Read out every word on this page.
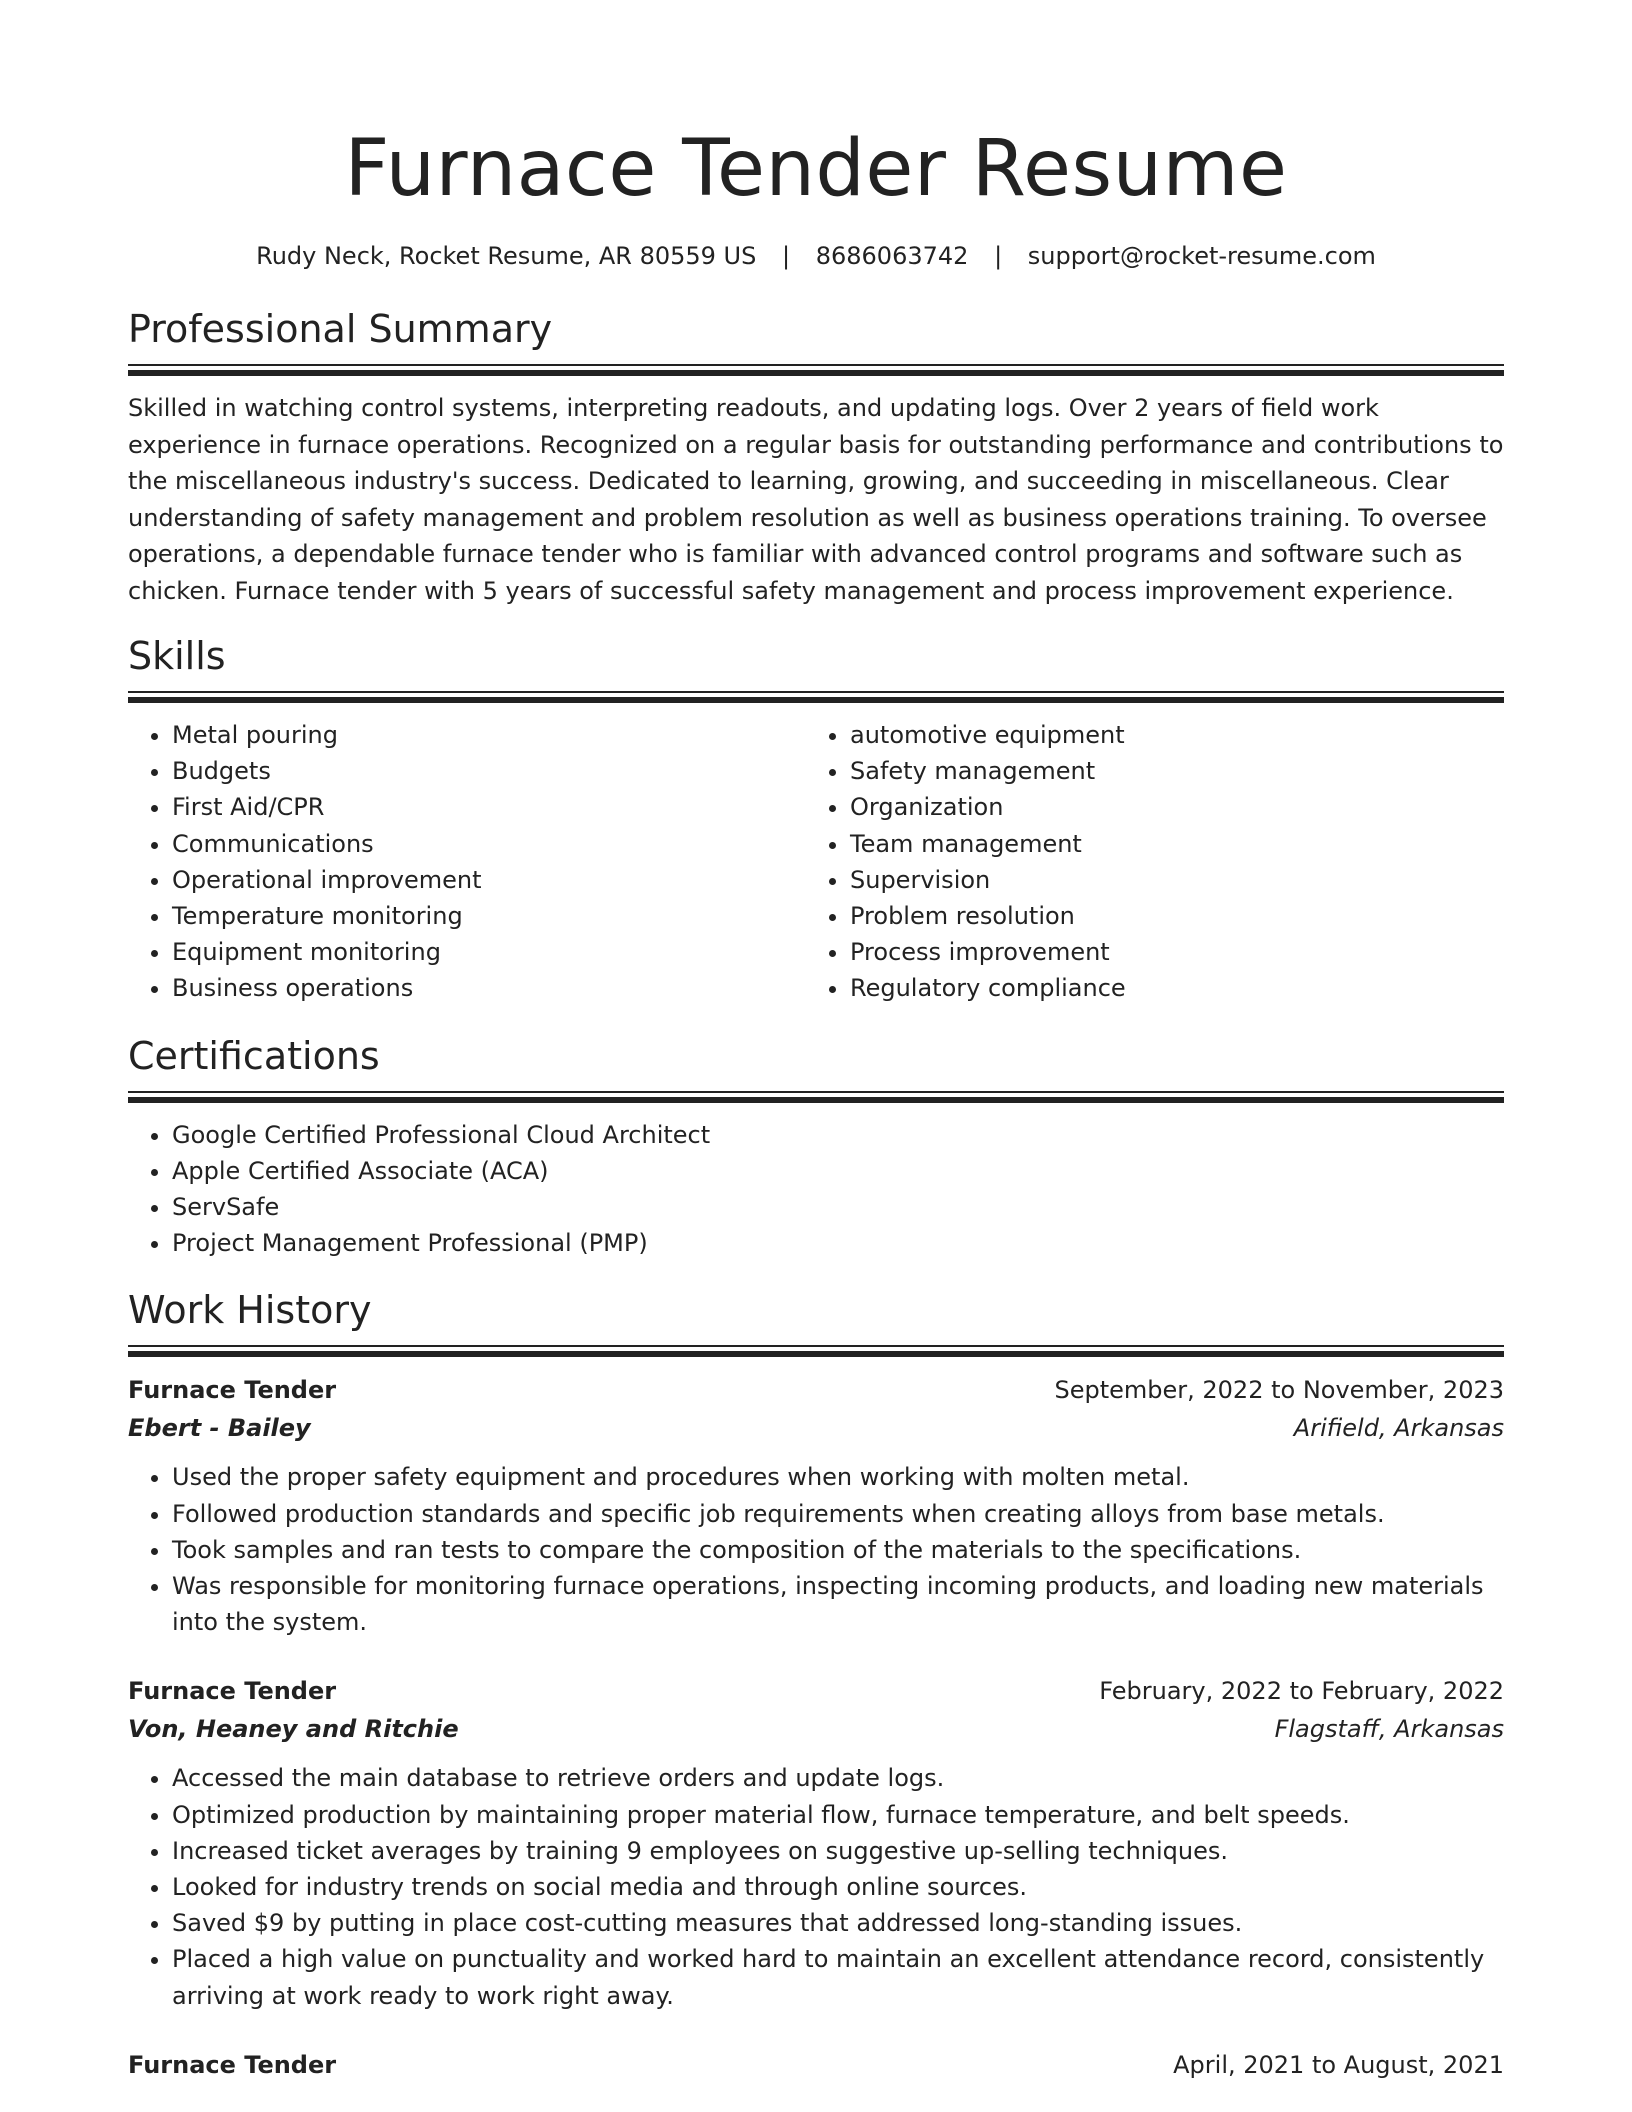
Furnace Tender Resume
Rudy Neck, Rocket Resume, AR 80559 US | 8686063742 | support@rocket-resume.com
Professional Summary

Skilled in watching control systems, interpreting readouts, and updating logs. Over 2 years of field work experience in furnace operations. Recognized on a regular basis for outstanding performance and contributions to the miscellaneous industry's success. Dedicated to learning, growing, and succeeding in miscellaneous. Clear understanding of safety management and problem resolution as well as business operations training. To oversee operations, a dependable furnace tender who is familiar with advanced control programs and software such as chicken. Furnace tender with 5 years of successful safety management and process improvement experience.

Skills
• Metal pouring
• Budgets
• First Aid/CPR
• Communications
• Operational improvement
• Temperature monitoring
• Equipment monitoring
• Business operations
• automotive equipment
• Safety management
• Organization
• Team management
• Supervision
• Problem resolution
• Process improvement
• Regulatory compliance
Certifications
• Google Certified Professional Cloud Architect
• Apple Certified Associate (ACA)
• ServSafe
• Project Management Professional (PMP)
Work History
Furnace Tender	September, 2022 to November, 2023
Ebert - Bailey	Arifield, Arkansas
• Used the proper safety equipment and procedures when working with molten metal.
• Followed production standards and specific job requirements when creating alloys from base metals.
• Took samples and ran tests to compare the composition of the materials to the specifications.
• Was responsible for monitoring furnace operations, inspecting incoming products, and loading new materials into the system.
Furnace Tender	February, 2022 to February, 2022
Von, Heaney and Ritchie	Flagstaff, Arkansas
• Accessed the main database to retrieve orders and update logs.
• Optimized production by maintaining proper material flow, furnace temperature, and belt speeds.
• Increased ticket averages by training 9 employees on suggestive up-selling techniques.
• Looked for industry trends on social media and through online sources.
• Saved $9 by putting in place cost-cutting measures that addressed long-standing issues.
• Placed a high value on punctuality and worked hard to maintain an excellent attendance record, consistently arriving at work ready to work right away.
Furnace Tender	April, 2021 to August, 2021
